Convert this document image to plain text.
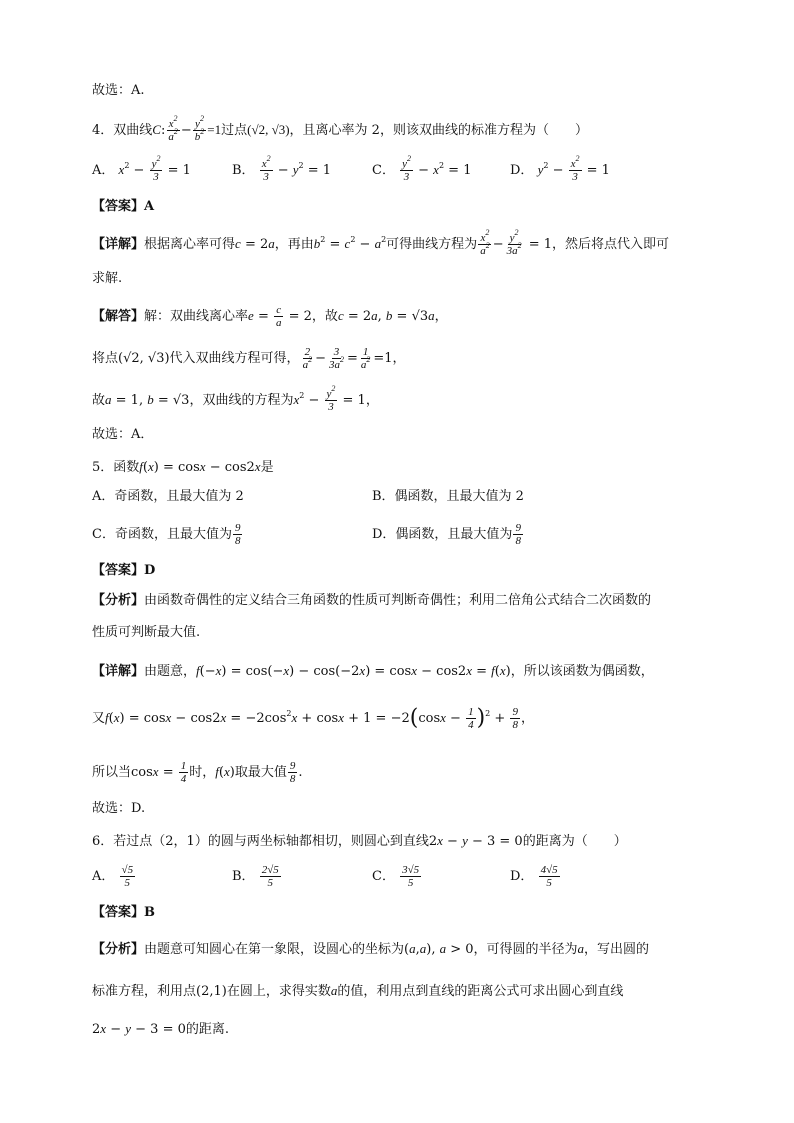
故选：A.
4．双曲线C: $\frac{x^2}{a^2} - \frac{y^2}{b^2} =1$过点(√2, √3)，且离心率为 2，则该双曲线的标准方程为（　　）
A． $x^2 - \frac{y^2}{3} = 1$	B． $\frac{x^2}{3} - y^2 = 1$	C． $\frac{y^2}{3} - x^2 = 1$	D． $y^2 - \frac{x^2}{3} = 1$
【答案】A
【详解】根据离心率可得c = 2a，再由$b^2 = c^2 - a^2$可得曲线方程为 $\frac{x^2}{a^2} - \frac{y^2}{3a^2} = 1$，然后将点代入即可
求解.
【解答】解：双曲线离心率$e = \frac{c}{a} = 2$，故c = 2a, b = √3a，
将点(√2, √3)代入双曲线方程可得， $\frac{2}{a^2} - \frac{3}{3a^2} = \frac{1}{a^2} =1$，
故a = 1, b = √3，双曲线的方程为$x^2 - \frac{y^2}{3} = 1$，
故选：A．
5．函数f(x) = cosx − cos2x是
A．奇函数，且最大值为 2	B．偶函数，且最大值为 2
C．奇函数，且最大值为 $\frac{9}{8}$	D．偶函数，且最大值为 $\frac{9}{8}$
【答案】D
【分析】由函数奇偶性的定义结合三角函数的性质可判断奇偶性；利用二倍角公式结合二次函数的
性质可判断最大值.
【详解】由题意，f(−x) = cos(−x) − cos(−2x) = cosx − cos2x = f(x)，所以该函数为偶函数，
又$f(x) = \cos x - \cos 2x = -2\cos^2x + \cos x + 1 = -2(\cos x - \frac{1}{4} )^2 + \frac{9}{8}$ ，
所以当$\cos x = \frac{1}{4}$ 时，f(x)取最大值 $\frac{9}{8}$ .
故选：D.
6．若过点（2，1）的圆与两坐标轴都相切，则圆心到直线2x − y − 3 = 0的距离为（　　）
A． $\frac{√5}{5}$	B． $\frac{2√5}{5}$	C． $\frac{3√5}{5}$	D． $\frac{4√5}{5}$
【答案】B
【分析】由题意可知圆心在第一象限，设圆心的坐标为(a,a), a > 0，可得圆的半径为a，写出圆的
标准方程，利用点(2,1)在圆上，求得实数a的值，利用点到直线的距离公式可求出圆心到直线
2x − y − 3 = 0的距离.
